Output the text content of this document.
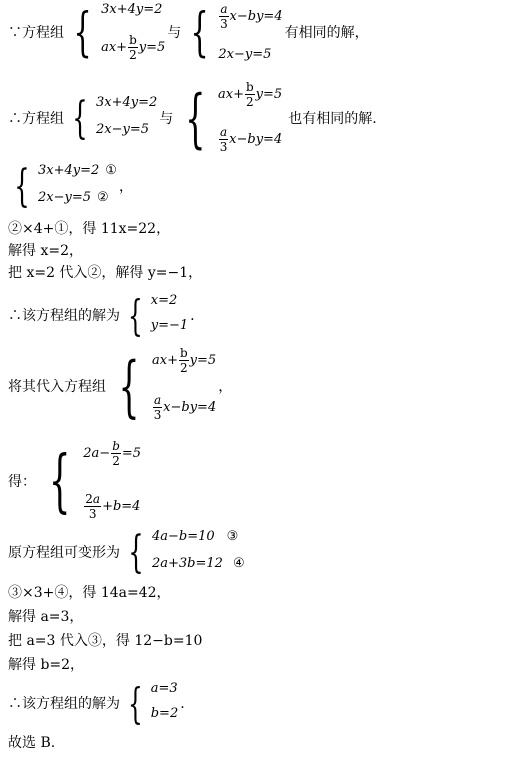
∵方程组 { 3x+4y=2
$ax+ \frac{b}{2} y=5$
与 { $\frac{a}{3} x-by=4$
2x−y=5
有相同的解，
∴方程组 { 3x+4y=2
2x−y=5
与 { $ax+ \frac{b}{2} y=5$
$\frac{a}{3} x-by=4$
也有相同的解.
{ 3x+4y=2 ①
2x−y=5 ②
，
②×4+①，得 11x=22，
解得 x=2，
把 x=2 代入②，解得 y=−1，
∴该方程组的解为 { x=2
y=−1
.
将其代入方程组 { $ax+ \frac{b}{2} y=5$
$\frac{a}{3} x-by=4$
，
得： { $2a- \frac{b}{2} =5$
$\frac{2a}{3} +b=4$
原方程组可变形为 { 4a−b=10 ③
2a+3b=12 ④
③×3+④，得 14a=42，
解得 a=3，
把 a=3 代入③，得 12−b=10
解得 b=2，
∴该方程组的解为 { a=3
b=2
.
故选 B.
